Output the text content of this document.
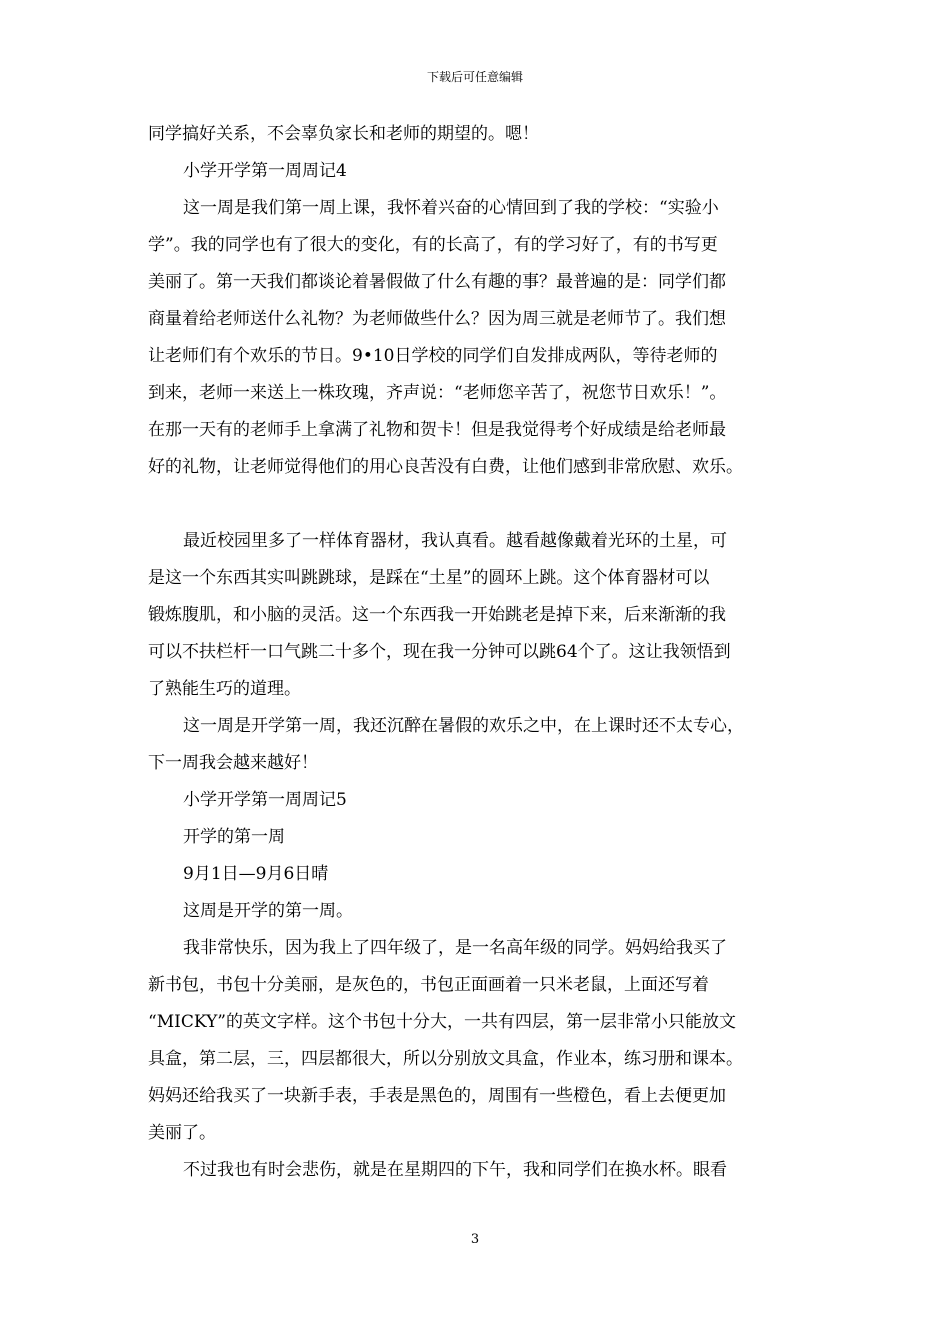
下载后可任意编辑
同学搞好关系，不会辜负家长和老师的期望的。嗯！
小学开学第一周周记4
这一周是我们第一周上课，我怀着兴奋的心情回到了我的学校：“实验小
学”。我的同学也有了很大的变化，有的长高了，有的学习好了，有的书写更
美丽了。第一天我们都谈论着暑假做了什么有趣的事？最普遍的是：同学们都
商量着给老师送什么礼物？为老师做些什么？因为周三就是老师节了。我们想
让老师们有个欢乐的节日。9•10日学校的同学们自发排成两队，等待老师的
到来，老师一来送上一株玫瑰，齐声说：“老师您辛苦了，祝您节日欢乐！”。
在那一天有的老师手上拿满了礼物和贺卡！但是我觉得考个好成绩是给老师最
好的礼物，让老师觉得他们的用心良苦没有白费，让他们感到非常欣慰、欢乐。
最近校园里多了一样体育器材，我认真看。越看越像戴着光环的土星，可
是这一个东西其实叫跳跳球，是踩在“土星”的圆环上跳。这个体育器材可以
锻炼腹肌，和小脑的灵活。这一个东西我一开始跳老是掉下来，后来渐渐的我
可以不扶栏杆一口气跳二十多个，现在我一分钟可以跳64个了。这让我领悟到
了熟能生巧的道理。
这一周是开学第一周，我还沉醉在暑假的欢乐之中，在上课时还不太专心，
下一周我会越来越好！
小学开学第一周周记5
开学的第一周
9月1日—9月6日晴
这周是开学的第一周。
我非常快乐，因为我上了四年级了，是一名高年级的同学。妈妈给我买了
新书包，书包十分美丽，是灰色的，书包正面画着一只米老鼠，上面还写着
“MICKY”的英文字样。这个书包十分大，一共有四层，第一层非常小只能放文
具盒，第二层，三，四层都很大，所以分别放文具盒，作业本，练习册和课本。
妈妈还给我买了一块新手表，手表是黑色的，周围有一些橙色，看上去便更加
美丽了。
不过我也有时会悲伤，就是在星期四的下午，我和同学们在换水杯。眼看
3
